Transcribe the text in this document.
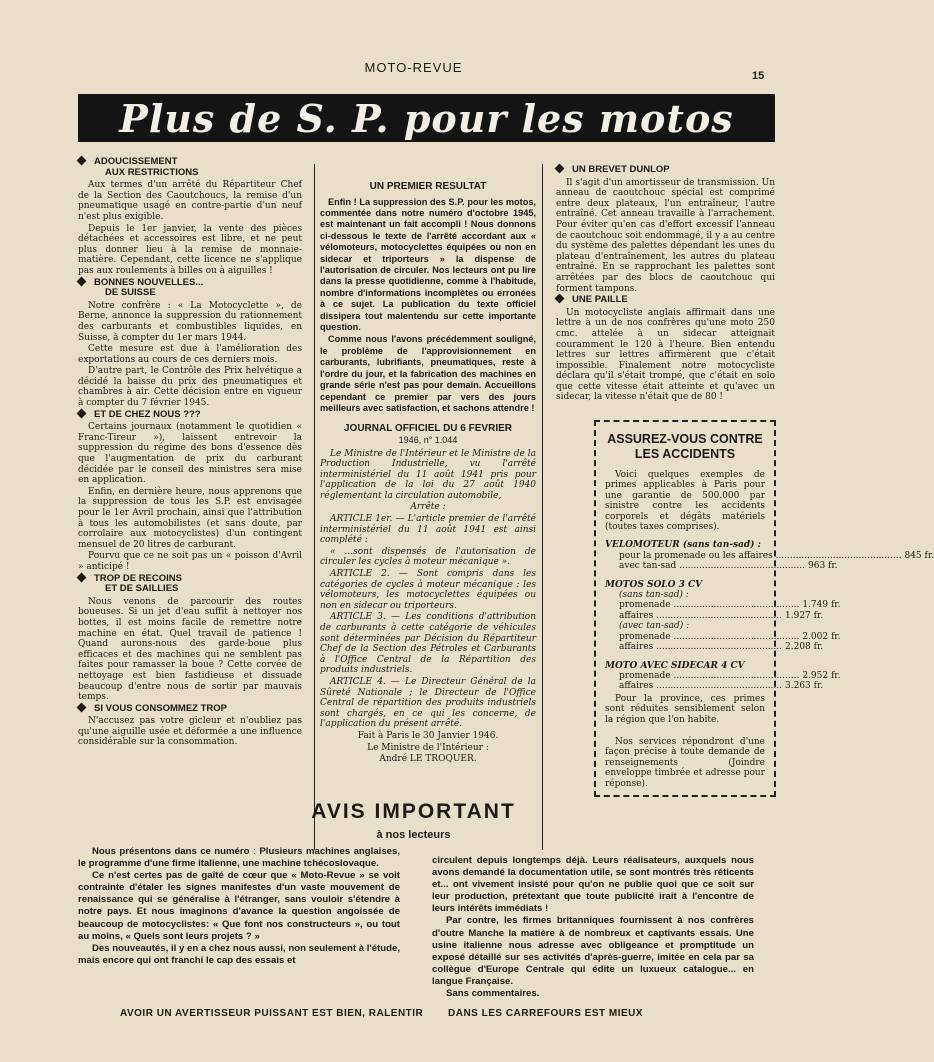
MOTO-REVUE
15
Plus de S. P. pour les motos
ADOUCISSEMENT
AUX RESTRICTIONS

Aux termes d'un arrêté du Répartiteur Chef de la Section des Caoutchoucs, la remise d'un pneumatique usagé en contre-partie d'un neuf n'est plus exigible.

Depuis le 1er janvier, la vente des pièces détachées et accessoires est libre, et ne peut plus donner lieu à la remise de monnaie-matière. Cependant, cette licence ne s'applique pas aux roulements à billes ou à aiguilles !

BONNES NOUVELLES...
DE SUISSE

Notre confrère : « La Motocyclette », de Berne, annonce la suppression du rationnement des carburants et combustibles liquides, en Suisse, à compter du 1er mars 1944.

Cette mesure est due à l'amélioration des exportations au cours de ces derniers mois.

D'autre part, le Contrôle des Prix helvétique a décidé la baisse du prix des pneumatiques et chambres à air. Cette décision entre en vigueur à compter du 7 février 1945.

ET DE CHEZ NOUS ???

Certains journaux (notamment le quotidien « Franc-Tireur »), laissent entrevoir la suppression du régime des bons d'essence dès que l'augmentation de prix du carburant décidée par le conseil des ministres sera mise en application.

Enfin, en dernière heure, nous apprenons que la suppression de tous les S.P. est envisagée pour le 1er Avril prochain, ainsi que l'attribution à tous les automobilistes (et sans doute, par corrolaire aux motocyclistes) d'un contingent mensuel de 20 litres de carburant.

Pourvu que ce ne soit pas un « poisson d'Avril » anticipé !

TROP DE RECOINS
ET DE SAILLIES

Nous venons de parcourir des routes boueuses. Si un jet d'eau suffit à nettoyer nos bottes, il est moins facile de remettre notre machine en état. Quel travail de patience ! Quand aurons-nous des garde-boue plus efficaces et des machines qui ne semblent pas faites pour ramasser la boue ? Cette corvée de nettoyage est bien fastidieuse et dissuade beaucoup d'entre nous de sortir par mauvais temps.

SI VOUS CONSOMMEZ TROP

N'accusez pas votre gicleur et n'oubliez pas qu'une aiguille usée et déformée a une influence considérable sur la consommation.

UN PREMIER RESULTAT

Enfin ! La suppression des S.P. pour les motos, commentée dans notre numéro d'octobre 1945, est maintenant un fait accompli ! Nous donnons ci-dessous le texte de l'arrêté accordant aux « vélomoteurs, motocyclettes équipées ou non en sidecar et triporteurs » la dispense de l'autorisation de circuler. Nos lecteurs ont pu lire dans la presse quotidienne, comme à l'habitude, nombre d'informations incomplètes ou erronées à ce sujet. La publication du texte officiel dissipera tout malentendu sur cette importante question.

Comme nous l'avons précédemment souligné, le problème de l'approvisionnement en carburants, lubrifiants, pneumatiques, reste à l'ordre du jour, et la fabrication des machines en grande série n'est pas pour demain. Accueillons cependant ce premier par vers des jours meilleurs avec satisfaction, et sachons attendre !

JOURNAL OFFICIEL DU 6 FEVRIER
1946, n° 1.044

Le Ministre de l'Intérieur et le Ministre de la Production Industrielle, vu l'arrêté interministériel du 11 août 1941 pris pour l'application de la loi du 27 août 1940 réglementant la circulation automobile,

Arrête :

ARTICLE 1er. — L'article premier de l'arrêté interministériel du 11 août 1941 est ainsi complété :

« ...sont dispensés de l'autorisation de circuler les cycles à moteur mécanique ».

ARTICLE 2. — Sont compris dans les catégories de cycles à moteur mécanique : les vélomoteurs, les motocyclettes équipées ou non en sidecar ou triporteurs.

ARTICLE 3. — Les conditions d'attribution de carburants à cette catégorie de véhicules sont déterminées par Décision du Répartiteur Chef de la Section des Pétroles et Carburants à l'Office Central de la Répartition des produits industriels.

ARTICLE 4. — Le Directeur Général de la Sûreté Nationale ; le Directeur de l'Office Central de répartition des produits industriels sont chargés, en ce qui les concerne, de l'application du présent arrêté.

Fait à Paris le 30 Janvier 1946.

Le Ministre de l'Intérieur :

André LE TROQUER.

UN BREVET DUNLOP

Il s'agit d'un amortisseur de transmission. Un anneau de caoutchouc spécial est comprimé entre deux plateaux, l'un entraîneur, l'autre entraîné. Cet anneau travaille à l'arrachement. Pour éviter qu'en cas d'effort excessif l'anneau de caoutchouc soit endommagé, il y a au centre du système des palettes dépendant les unes du plateau d'entraînement, les autres du plateau entraîné. En se rapprochant les palettes sont arrêtées par des blocs de caoutchouc qui forment tampons.

UNE PAILLE

Un motocycliste anglais affirmait dans une lettre à un de nos confrères qu'une moto 250 cmc. attelée à un sidecar atteignait couramment le 120 à l'heure. Bien entendu lettres sur lettres affirmèrent que c'était impossible. Finalement notre motocycliste déclara qu'il s'était trompé, que c'était en solo que cette vitesse était atteinte et qu'avec un sidecar, la vitesse n'était que de 80 !

ASSUREZ-VOUS CONTRE LES ACCIDENTS
Voici quelques exemples de primes applicables à Paris pour une garantie de 500.000 par sinistre contre les accidents corporels et dégâts matériels (toutes taxes comprises).
VELOMOTEUR (sans tan-sad) :
pour la promenade ou les affaires .....	845 fr.
avec tan-sad .....	963 fr.
MOTOS SOLO 3 CV
(sans tan-sad) :
promenade .....	1.749 fr.
affaires .....	1.927 fr.
(avec tan-sad) :
promenade .....	2.002 fr.
affaires .....	2.208 fr.
MOTO AVEC SIDECAR 4 CV
promenade .....	2.952 fr.
affaires .....	3.263 fr.
Pour la province, ces primes sont réduites sensiblement selon la région que l'on habite.
Nos services répondront d'une façon précise à toute demande de renseignements (Joindre enveloppe timbrée et adresse pour réponse).
AVIS IMPORTANT
à nos lecteurs

Nous présentons dans ce numéro : Plusieurs machines anglaises, le programme d'une firme italienne, une machine tchécoslovaque.

Ce n'est certes pas de gaîté de cœur que « Moto-Revue » se voit contrainte d'étaler les signes manifestes d'un vaste mouvement de renaissance qui se généralise à l'étranger, sans vouloir s'étendre à notre pays. Et nous imaginons d'avance la question angoissée de beaucoup de motocyclistes: « Que font nos constructeurs », ou tout au moins, « Quels sont leurs projets ? »

Des nouveautés, il y en a chez nous aussi, non seulement à l'étude, mais encore qui ont franchi le cap des essais et

circulent depuis longtemps déjà. Leurs réalisateurs, auxquels nous avons demandé la documentation utile, se sont montrés très réticents et... ont vivement insisté pour qu'on ne publie quoi que ce soit sur leur production, prétextant que toute publicité irait à l'encontre de leurs intérêts immédiats !

Par contre, les firmes britanniques fournissent à nos confrères d'outre Manche la matière à de nombreux et captivants essais. Une usine italienne nous adresse avec obligeance et promptitude un exposé détaillé sur ses activités d'après-guerre, imitée en cela par sa collègue d'Europe Centrale qui édite un luxueux catalogue... en langue Française.

Sans commentaires.

AVOIR UN AVERTISSEUR PUISSANT EST BIEN, RALENTIR DANS LES CARREFOURS EST MIEUX
